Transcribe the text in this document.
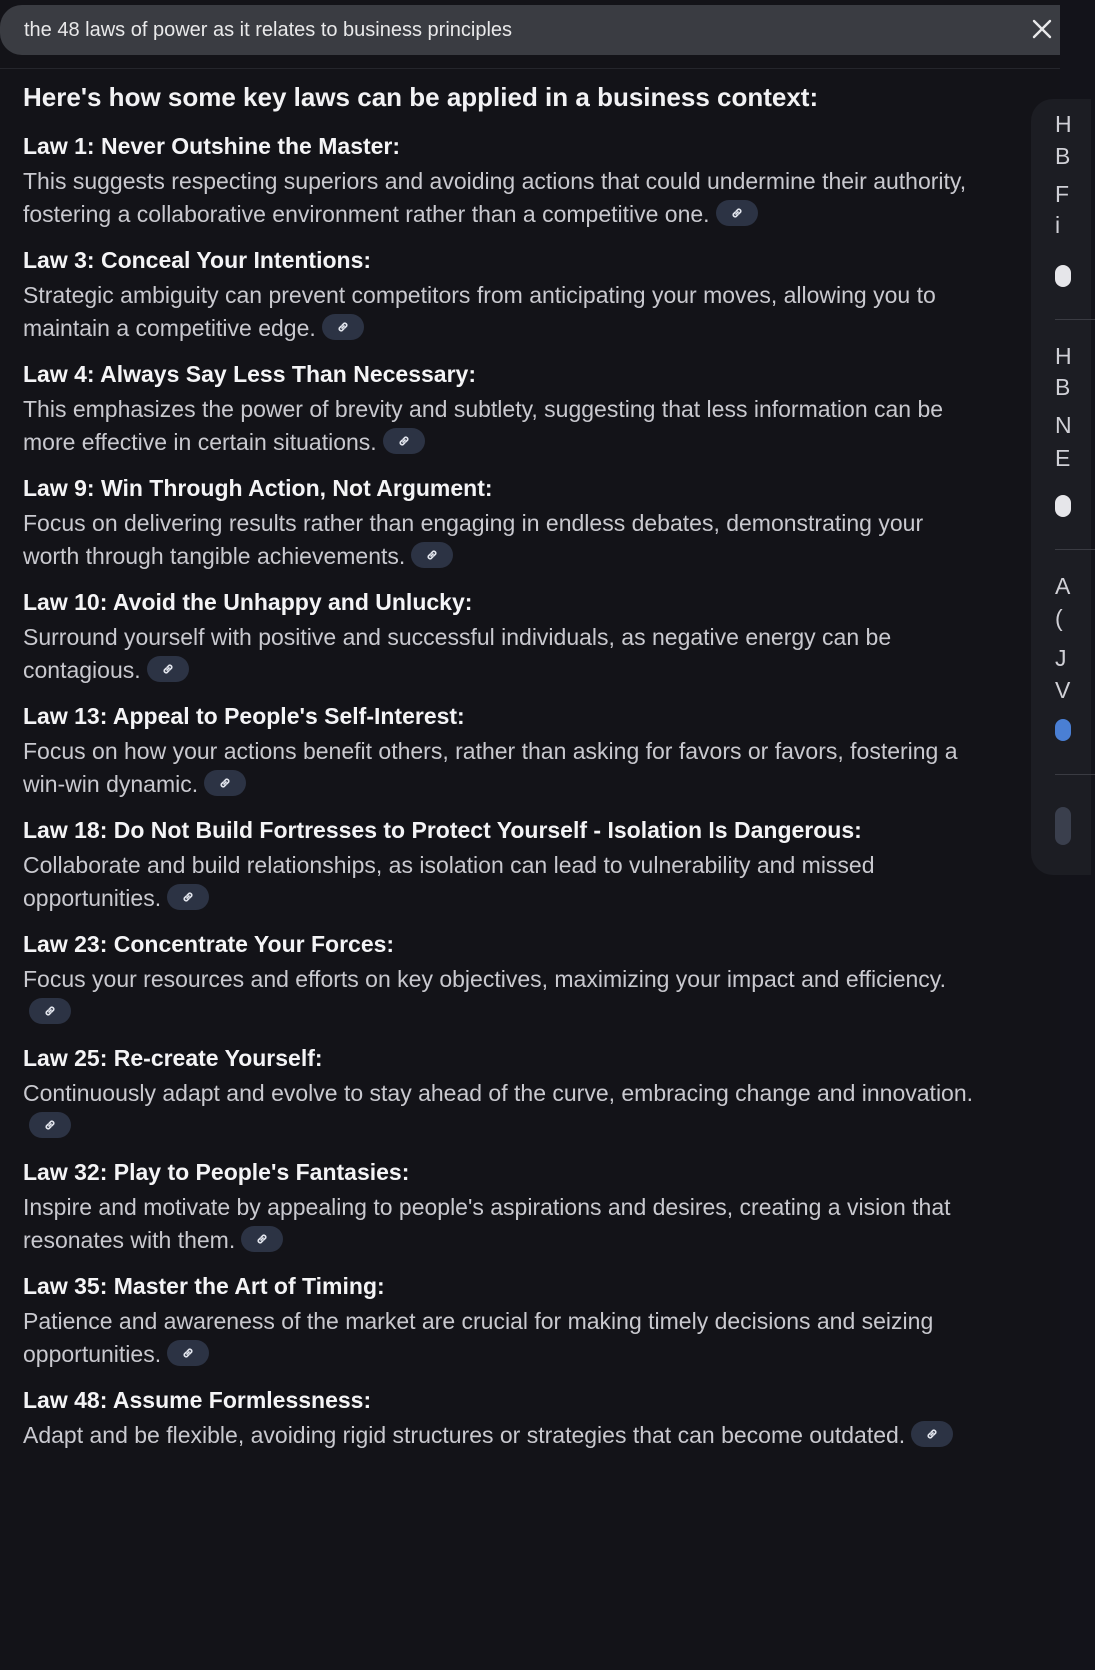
the 48 laws of power as it relates to business principles
Here's how some key laws can be applied in a business context:

Law 1: Never Outshine the Master:

This suggests respecting superiors and avoiding actions that could undermine their authority, fostering a collaborative environment rather than a competitive one.

Law 3: Conceal Your Intentions:

Strategic ambiguity can prevent competitors from anticipating your moves, allowing you to maintain a competitive edge.

Law 4: Always Say Less Than Necessary:

This emphasizes the power of brevity and subtlety, suggesting that less information can be more effective in certain situations.

Law 9: Win Through Action, Not Argument:

Focus on delivering results rather than engaging in endless debates, demonstrating your worth through tangible achievements.

Law 10: Avoid the Unhappy and Unlucky:

Surround yourself with positive and successful individuals, as negative energy can be contagious.

Law 13: Appeal to People's Self-Interest:

Focus on how your actions benefit others, rather than asking for favors or favors, fostering a win-win dynamic.

Law 18: Do Not Build Fortresses to Protect Yourself - Isolation Is Dangerous:

Collaborate and build relationships, as isolation can lead to vulnerability and missed opportunities.

Law 23: Concentrate Your Forces:

Focus your resources and efforts on key objectives, maximizing your impact and efficiency.

Law 25: Re-create Yourself:

Continuously adapt and evolve to stay ahead of the curve, embracing change and innovation.

Law 32: Play to People's Fantasies:

Inspire and motivate by appealing to people's aspirations and desires, creating a vision that resonates with them.

Law 35: Master the Art of Timing:

Patience and awareness of the market are crucial for making timely decisions and seizing opportunities.

Law 48: Assume Formlessness:

Adapt and be flexible, avoiding rigid structures or strategies that can become outdated.

H
B
F
i
H
B
N
E
A
(
J
V
